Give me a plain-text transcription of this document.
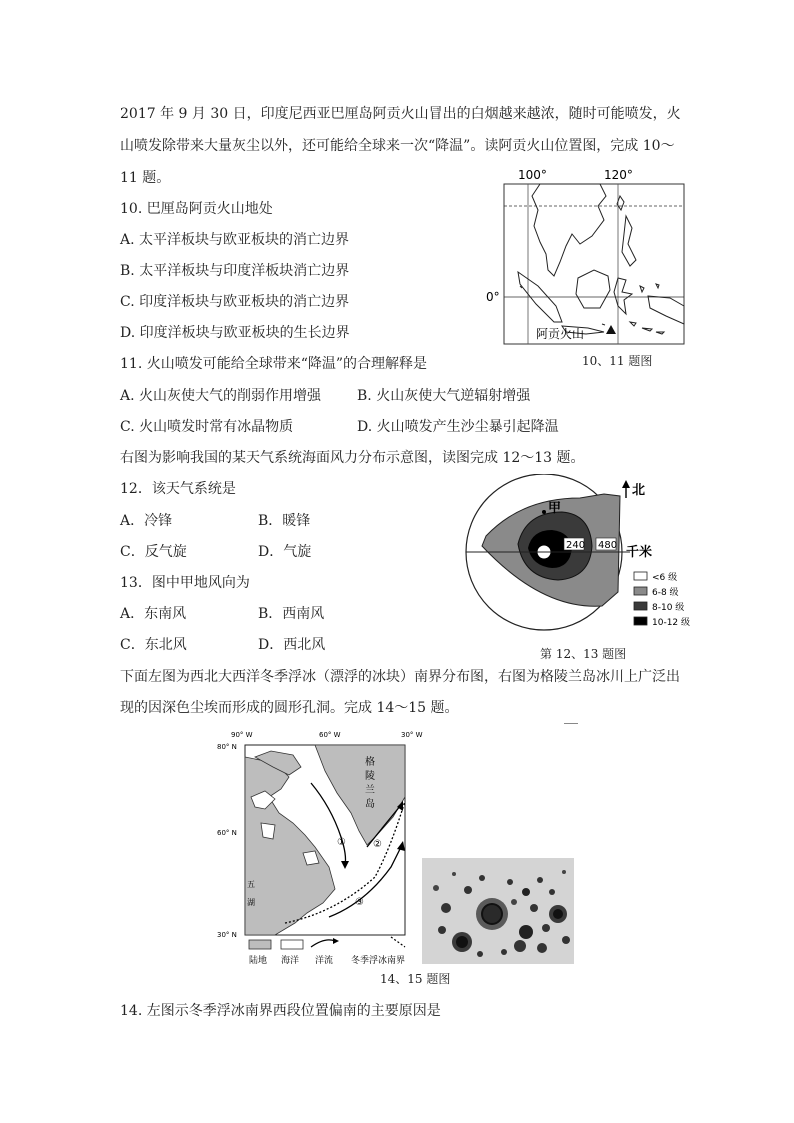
2017 年 9 月 30 日，印度尼西亚巴厘岛阿贡火山冒出的白烟越来越浓，随时可能喷发，火
山喷发除带来大量灰尘以外，还可能给全球来一次“降温”。读阿贡火山位置图，完成 10～
11 题。
10. 巴厘岛阿贡火山地处
A. 太平洋板块与欧亚板块的消亡边界
B. 太平洋板块与印度洋板块消亡边界
C. 印度洋板块与欧亚板块的消亡边界
D. 印度洋板块与欧亚板块的生长边界
11. 火山喷发可能给全球带来“降温”的合理解释是
A. 火山灰使大气的削弱作用增强	B. 火山灰使大气逆辐射增强
C. 火山喷发时常有冰晶物质	D. 火山喷发产生沙尘暴引起降温
100°	120°
0°
阿贡火山
10、11 题图
右图为影响我国的某天气系统海面风力分布示意图，读图完成 12～13 题。
12．该天气系统是
A．冷锋	B．暖锋
C．反气旋	D．气旋
13．图中甲地风向为
A．东南风	B．西南风
C．东北风	D．西北风
240 480
甲
千米
北
<6 级
6-8 级
8-10 级
10-12 级
第 12、13 题图
下面左图为西北大西洋冬季浮冰（漂浮的冰块）南界分布图，右图为格陵兰岛冰川上广泛出
现的因深色尘埃而形成的圆形孔洞。完成 14～15 题。
90° W	60° W	30° W
80° N
60° N
30° N
格
陵
兰
岛
五
湖
①	②
③
陆地 海洋 洋流 冬季浮冰南界
14、15 题图
14. 左图示冬季浮冰南界西段位置偏南的主要原因是
